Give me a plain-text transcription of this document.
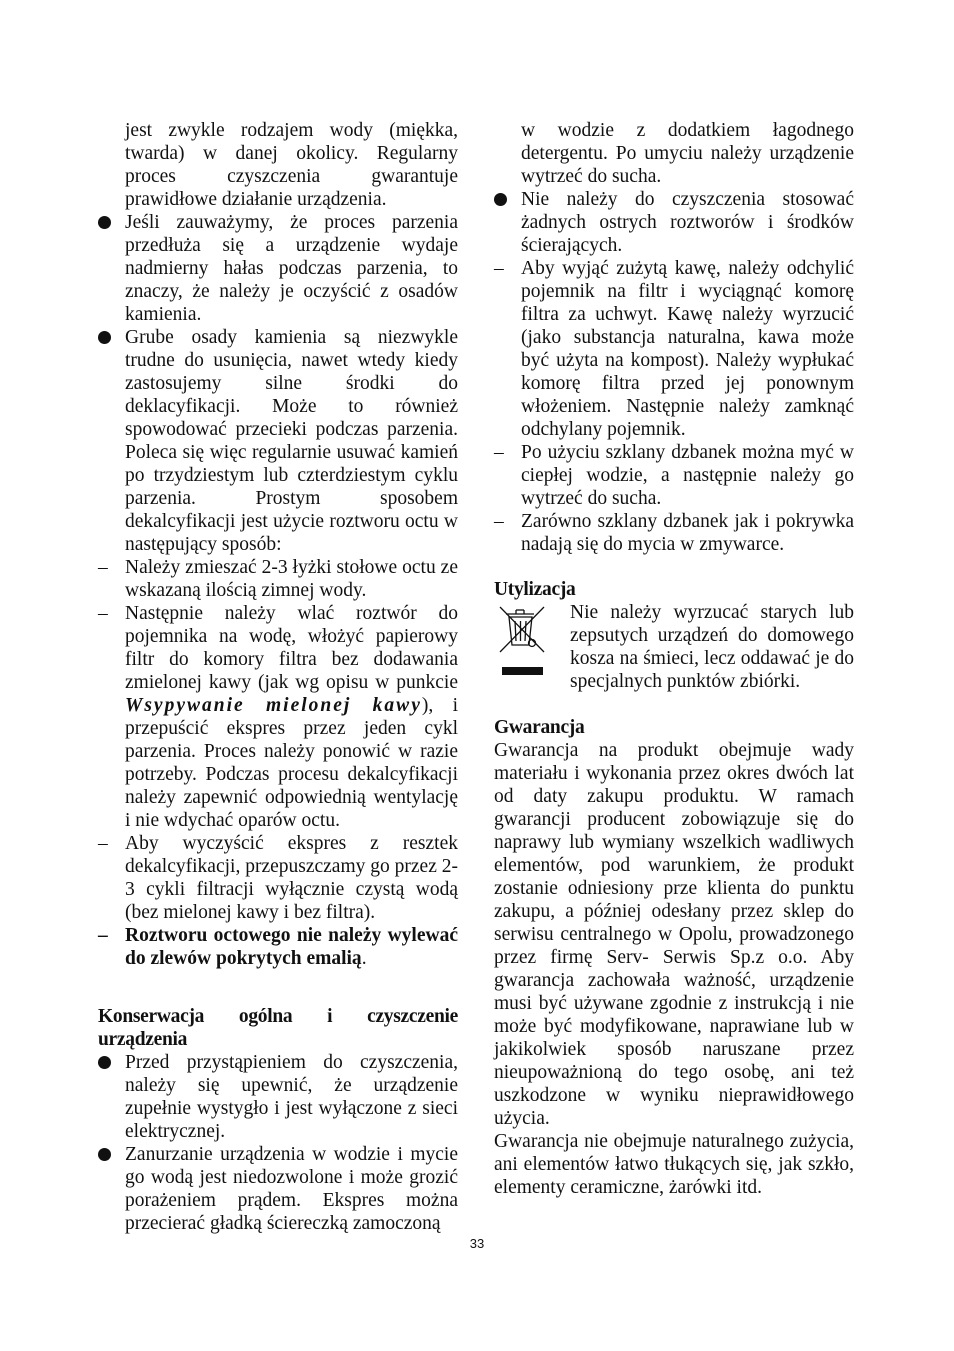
jest zwykle rodzajem wody (miękka, twarda) w danej okolicy. Regularny proces czyszczenia gwarantuje prawidłowe działanie urządzenia.

Jeśli zauważymy, że proces parzenia przedłuża się a urządzenie wydaje nadmierny hałas podczas parzenia, to znaczy, że należy je oczyścić z osadów kamienia.
Grube osady kamienia są niezwykle trudne do usunięcia, nawet wtedy kiedy zastosujemy silne środki do deklacyfikacji. Może to również spowodować przecieki podczas parzenia. Poleca się więc regularnie usuwać kamień po trzydziestym lub czterdziestym cyklu parzenia. Prostym sposobem dekalcyfikacji jest użycie roztworu octu w następujący sposób:
– Należy zmieszać 2-3 łyżki stołowe octu ze wskazaną ilością zimnej wody.
– Następnie należy wlać roztwór do pojemnika na wodę, włożyć papierowy filtr do komory filtra bez dodawania zmielonej kawy (jak wg opisu w punkcie Wsypywanie mielonej kawy), i przepuścić ekspres przez jeden cykl parzenia. Proces należy ponowić w razie potrzeby. Podczas procesu dekalcyfikacji należy zapewnić odpowiednią wentylację i nie wdychać oparów octu.
– Aby wyczyścić ekspres z resztek dekalcyfikacji, przepuszczamy go przez 2-3 cykli filtracji wyłącznie czystą wodą (bez mielonej kawy i bez filtra).
– Roztworu octowego nie należy wylewać do zlewów pokrytych emalią.

Konserwacja ogólna i czyszczenie urządzenia

Przed przystąpieniem do czyszczenia, należy się upewnić, że urządzenie zupełnie wystygło i jest wyłączone z sieci elektrycznej.
Zanurzanie urządzenia w wodzie i mycie go wodą jest niedozwolone i może grozić porażeniem prądem. Ekspres można przecierać gładką ściereczką zamoczoną

w wodzie z dodatkiem łagodnego detergentu. Po umyciu należy urządzenie wytrzeć do sucha.

Nie należy do czyszczenia stosować żadnych ostrych roztworów i środków ścierających.
– Aby wyjąć zużytą kawę, należy odchylić pojemnik na filtr i wyciągnąć komorę filtra za uchwyt. Kawę należy wyrzucić (jako substancja naturalna, kawa może być użyta na kompost). Należy wypłukać komorę filtra przed jej ponownym włożeniem. Następnie należy zamknąć odchylany pojemnik.
– Po użyciu szklany dzbanek można myć w ciepłej wodzie, a następnie należy go wytrzeć do sucha.
– Zarówno szklany dzbanek jak i pokrywka nadają się do mycia w zmywarce.

Utylizacja

Nie należy wyrzucać starych lub zepsutych urządzeń do domowego kosza na śmieci, lecz oddawać je do specjalnych punktów zbiórki.

Gwarancja

Gwarancja na produkt obejmuje wady materiału i wykonania przez okres dwóch lat od daty zakupu produktu. W ramach gwarancji producent zobowiązuje się do naprawy lub wymiany wszelkich wadliwych elementów, pod warunkiem, że produkt zostanie odniesiony prze klienta do punktu zakupu, a później odesłany przez sklep do serwisu centralnego w Opolu, prowadzonego przez firmę Serv- Serwis Sp.z o.o. Aby gwarancja zachowała ważność, urządzenie musi być używane zgodnie z instrukcją i nie może być modyfikowane, naprawiane lub w jakikolwiek sposób naruszane przez nieupoważnioną do tego osobę, ani też uszkodzone w wyniku nieprawidłowego użycia.

Gwarancja nie obejmuje naturalnego zużycia, ani elementów łatwo tłukących się, jak szkło, elementy ceramiczne, żarówki itd.

33
